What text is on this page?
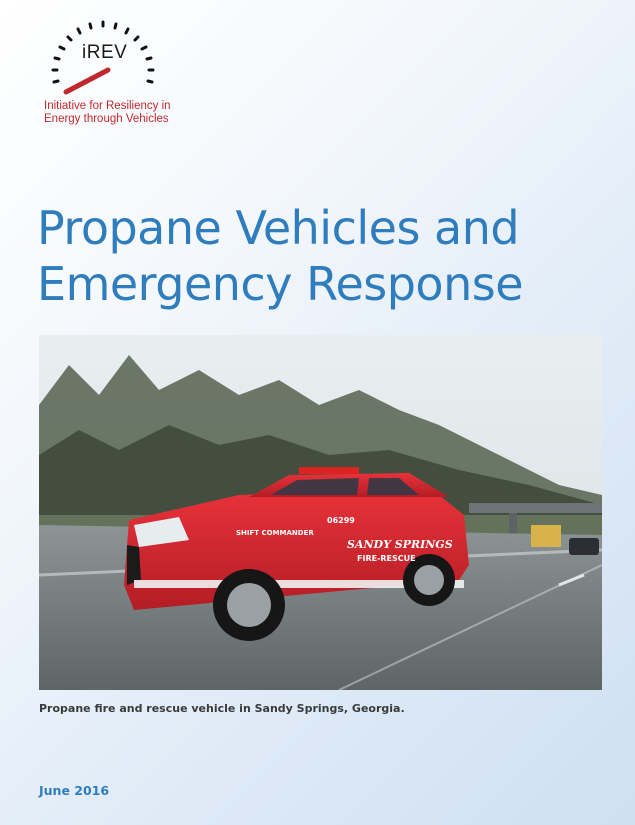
iREV
Initiative for Resiliency in
Energy through Vehicles
Propane Vehicles and
Emergency Response
06299
SHIFT COMMANDER
SANDY SPRINGS
FIRE-RESCUE
Propane fire and rescue vehicle in Sandy Springs, Georgia.
June 2016
